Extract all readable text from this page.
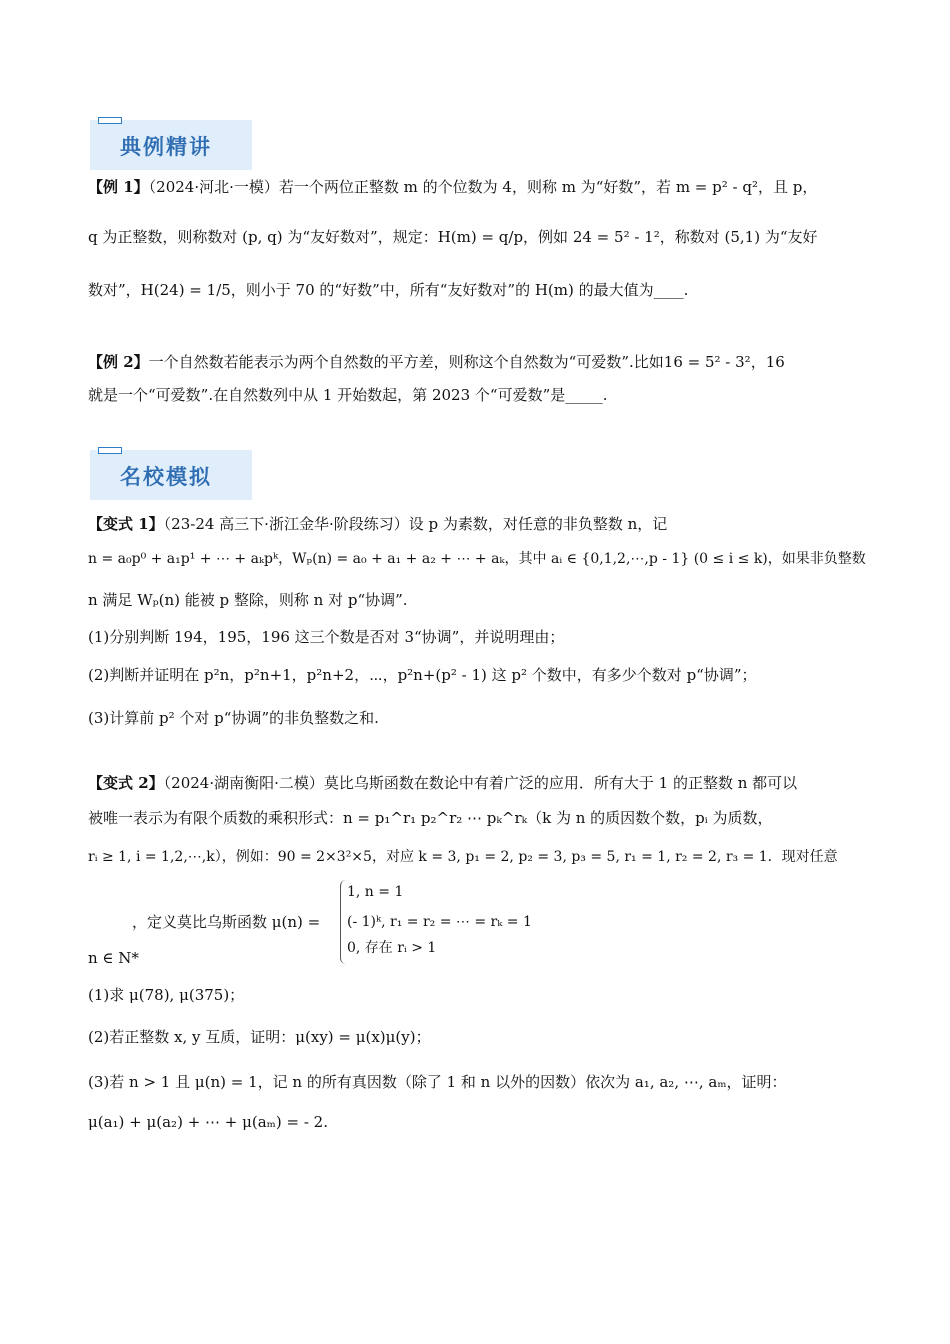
典例精讲
【例 1】（2024·河北·一模）若一个两位正整数 m 的个位数为 4，则称 m 为“好数”，若 m = p² - q²，且 p，
q 为正整数，则称数对 (p, q) 为“友好数对”，规定：H(m) = q/p，例如 24 = 5² - 1²，称数对 (5,1) 为“友好
数对”，H(24) = 1/5，则小于 70 的“好数”中，所有“友好数对”的 H(m) 的最大值为____.
【例 2】一个自然数若能表示为两个自然数的平方差，则称这个自然数为“可爱数”.比如16 = 5² - 3²，16
就是一个“可爱数”.在自然数列中从 1 开始数起，第 2023 个“可爱数”是_____.
名校模拟
【变式 1】（23-24 高三下·浙江金华·阶段练习）设 p 为素数，对任意的非负整数 n，记
n = a₀p⁰ + a₁p¹ + ⋯ + aₖpᵏ，Wₚ(n) = a₀ + a₁ + a₂ + ⋯ + aₖ，其中 aᵢ ∈ {0,1,2,⋯,p - 1} (0 ≤ i ≤ k)，如果非负整数
n 满足 Wₚ(n) 能被 p 整除，则称 n 对 p“协调”.
(1)分别判断 194，195，196 这三个数是否对 3“协调”，并说明理由；
(2)判断并证明在 p²n，p²n+1，p²n+2，⋯，p²n+(p² - 1) 这 p² 个数中，有多少个数对 p“协调”；
(3)计算前 p² 个对 p“协调”的非负整数之和.
【变式 2】（2024·湖南衡阳·二模）莫比乌斯函数在数论中有着广泛的应用．所有大于 1 的正整数 n 都可以
被唯一表示为有限个质数的乘积形式：n = p₁^r₁ p₂^r₂ ⋯ pₖ^rₖ（k 为 n 的质因数个数，pᵢ 为质数，
rᵢ ≥ 1, i = 1,2,⋯,k），例如：90 = 2×3²×5，对应 k = 3, p₁ = 2, p₂ = 3, p₃ = 5, r₁ = 1, r₂ = 2, r₃ = 1．现对任意
，定义莫比乌斯函数 μ(n) =
1, n = 1
(- 1)ᵏ, r₁ = r₂ = ⋯ = rₖ = 1
0, 存在 rᵢ > 1
n ∈ N*
(1)求 μ(78), μ(375)；
(2)若正整数 x, y 互质，证明：μ(xy) = μ(x)μ(y)；
(3)若 n > 1 且 μ(n) = 1，记 n 的所有真因数（除了 1 和 n 以外的因数）依次为 a₁, a₂, ⋯, aₘ，证明：
μ(a₁) + μ(a₂) + ⋯ + μ(aₘ) = - 2.
